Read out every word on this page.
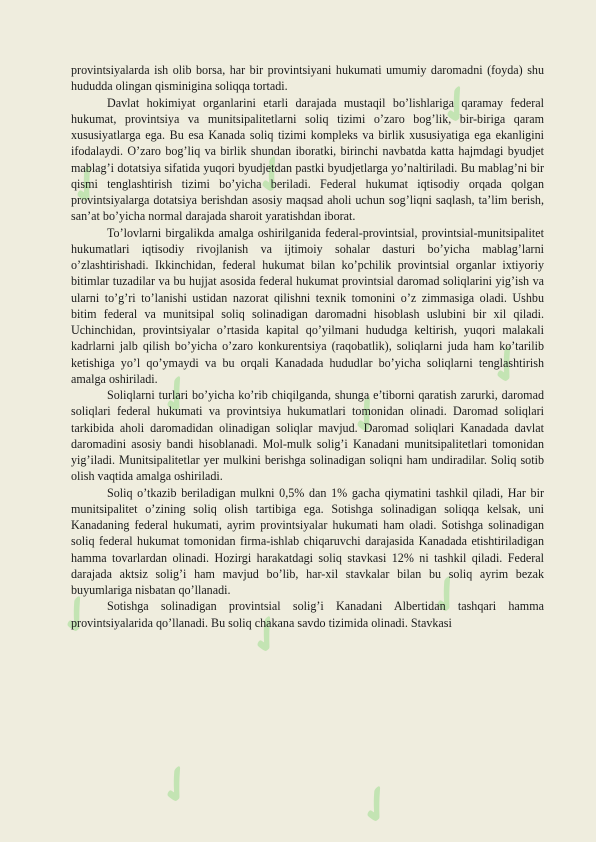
✓	✓
✓
✓	✓
✓
✓	✓
✓
✓	✓

provintsiyalarda ish olib borsa, har bir provintsiyani hukumati umumiy daromadni (foyda) shu hududda olingan qisminigina soliqqa tortadi.

Davlat hokimiyat organlarini etarli darajada mustaqil bo’lishlariga qaramay federal hukumat, provintsiya va munitsipalitetlarni soliq tizimi o’zaro bog’lik, bir-biriga qaram xususiyatlarga ega. Bu esa Kanada soliq tizimi kompleks va birlik xususiyatiga ega ekanligini ifodalaydi. O’zaro bog’liq va birlik shundan iboratki, birinchi navbatda katta hajmdagi byudjet mablag’i dotatsiya sifatida yuqori byudjetdan pastki byudjetlarga yo’naltiriladi. Bu mablag’ni bir qismi tenglashtirish tizimi bo’yicha beriladi. Federal hukumat iqtisodiy orqada qolgan provintsiyalarga dotatsiya berishdan asosiy maqsad aholi uchun sog’liqni saqlash, ta’lim berish, san’at bo’yicha normal darajada sharoit yaratishdan iborat.

To’lovlarni birgalikda amalga oshirilganida federal-provintsial, provintsial-munitsipalitet hukumatlari iqtisodiy rivojlanish va ijtimoiy sohalar dasturi bo’yicha mablag’larni o’zlashtirishadi. Ikkinchidan, federal hukumat bilan ko’pchilik provintsial organlar ixtiyoriy bitimlar tuzadilar va bu hujjat asosida federal hukumat provintsial daromad soliqlarini yig’ish va ularni to’g’ri to’lanishi ustidan nazorat qilishni texnik tomonini o’z zimmasiga oladi. Ushbu bitim federal va munitsipal soliq solinadigan daromadni hisoblash uslubini bir xil qiladi. Uchinchidan, provintsiyalar o’rtasida kapital qo’yilmani hududga keltirish, yuqori malakali kadrlarni jalb qilish bo’yicha o’zaro konkurentsiya (raqobatlik), soliqlarni juda ham ko’tarilib ketishiga yo’l qo’ymaydi va bu orqali Kanadada hududlar bo’yicha soliqlarni tenglashtirish amalga oshiriladi.

Soliqlarni turlari bo’yicha ko’rib chiqilganda, shunga e’tiborni qaratish zarurki, daromad soliqlari federal hukumati va provintsiya hukumatlari tomonidan olinadi. Daromad soliqlari tarkibida aholi daromadidan olinadigan soliqlar mavjud. Daromad soliqlari Kanadada davlat daromadini asosiy bandi hisoblanadi. Mol-mulk solig’i Kanadani munitsipalitetlari tomonidan yig’iladi. Munitsipalitetlar yer mulkini berishga solinadigan soliqni ham undiradilar. Soliq sotib olish vaqtida amalga oshiriladi.

Soliq o’tkazib beriladigan mulkni 0,5% dan 1% gacha qiymatini tashkil qiladi, Har bir munitsipalitet o’zining soliq olish tartibiga ega. Sotishga solinadigan soliqqa kelsak, uni Kanadaning federal hukumati, ayrim provintsiyalar hukumati ham oladi. Sotishga solinadigan soliq federal hukumat tomonidan firma-ishlab chiqaruvchi darajasida Kanadada etishtiriladigan hamma tovarlardan olinadi. Hozirgi harakatdagi soliq stavkasi 12% ni tashkil qiladi. Federal darajada aktsiz solig’i ham mavjud bo’lib, har-xil stavkalar bilan bu soliq ayrim bezak buyumlariga nisbatan qo’llanadi.

Sotishga solinadigan provintsial solig’i Kanadani Albertidan tashqari hamma provintsiyalarida qo’llanadi. Bu soliq chakana savdo tizimida olinadi. Stavkasi
